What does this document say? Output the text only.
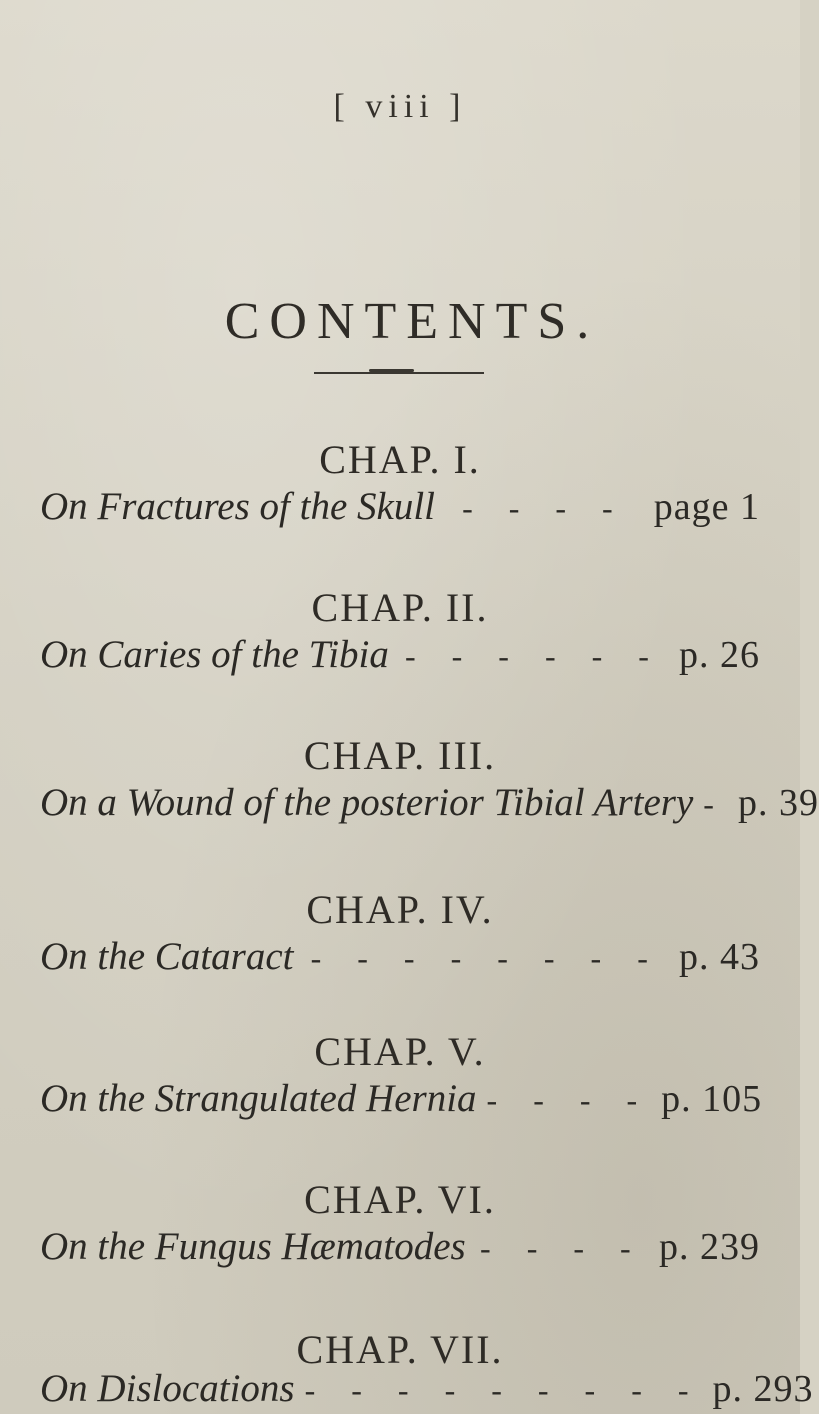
[ viii ]
CONTENTS.
CHAP. I.
On Fractures of the Skull - - - - page 1
CHAP. II.
On Caries of the Tibia - - - - - - p. 26
CHAP. III.
On a Wound of the posterior Tibial Artery - p. 39
CHAP. IV.
On the Cataract - - - - - - - - p. 43
CHAP. V.
On the Strangulated Hernia - - - - p. 105
CHAP. VI.
On the Fungus Hæmatodes - - - - p. 239
CHAP. VII.
On Dislocations - - - - - - - - - p. 293
